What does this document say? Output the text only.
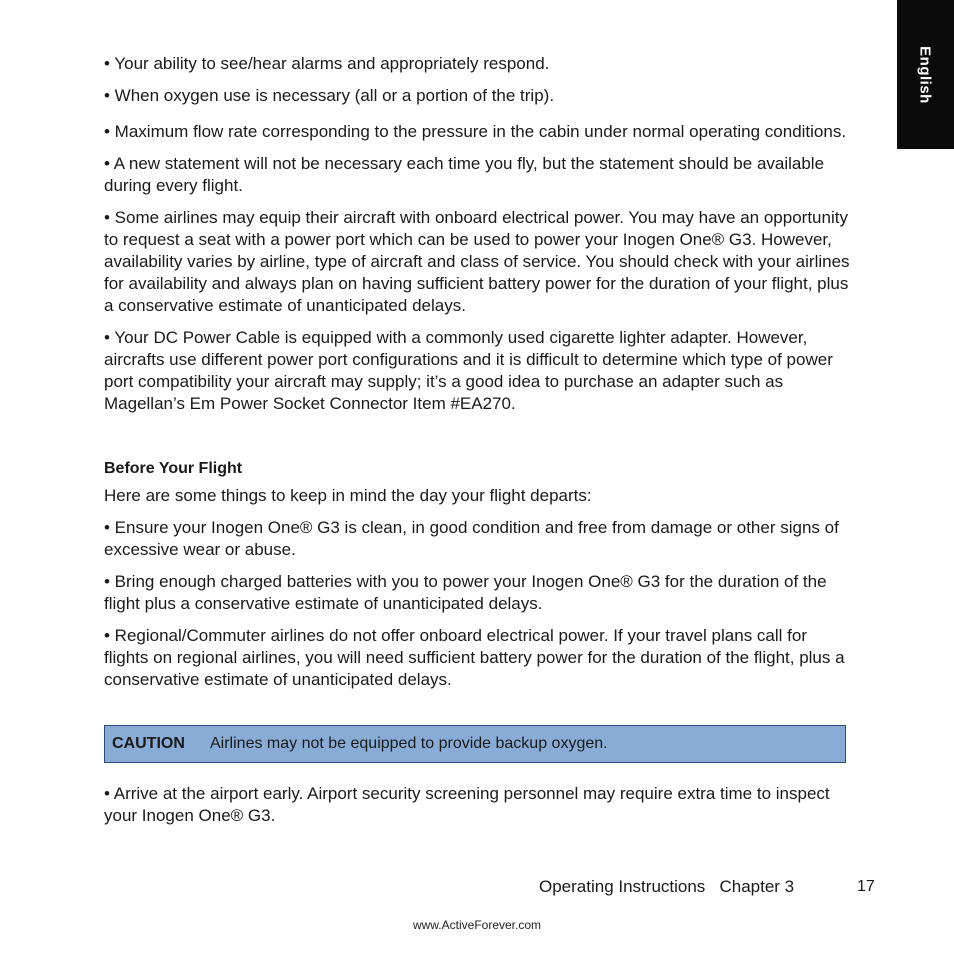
English
• Your ability to see/hear alarms and appropriately respond.
• When oxygen use is necessary (all or a portion of the trip).
• Maximum flow rate corresponding to the pressure in the cabin under normal operating conditions.
• A new statement will not be necessary each time you fly, but the statement should be available during every flight.
• Some airlines may equip their aircraft with onboard electrical power. You may have an opportunity to request a seat with a power port which can be used to power your Inogen One® G3. However, availability varies by airline, type of aircraft and class of service. You should check with your airlines for availability and always plan on having sufficient battery power for the duration of your flight, plus a conservative estimate of unanticipated delays.
• Your DC Power Cable is equipped with a commonly used cigarette lighter adapter. However, aircrafts use different power port configurations and it is difficult to determine which type of power port compatibility your aircraft may supply; it’s a good idea to purchase an adapter such as Magellan’s Em Power Socket Connector Item #EA270.
Before Your Flight
Here are some things to keep in mind the day your flight departs:
• Ensure your Inogen One® G3 is clean, in good condition and free from damage or other signs of excessive wear or abuse.
• Bring enough charged batteries with you to power your Inogen One® G3 for the duration of the flight plus a conservative estimate of unanticipated delays.
• Regional/Commuter airlines do not offer onboard electrical power. If your travel plans call for flights on regional airlines, you will need sufficient battery power for the duration of the flight, plus a conservative estimate of unanticipated delays.
CAUTION	Airlines may not be equipped to provide backup oxygen.
• Arrive at the airport early. Airport security screening personnel may require extra time to inspect your Inogen One® G3.
Operating Instructions   Chapter 3	17
www.ActiveForever.com
